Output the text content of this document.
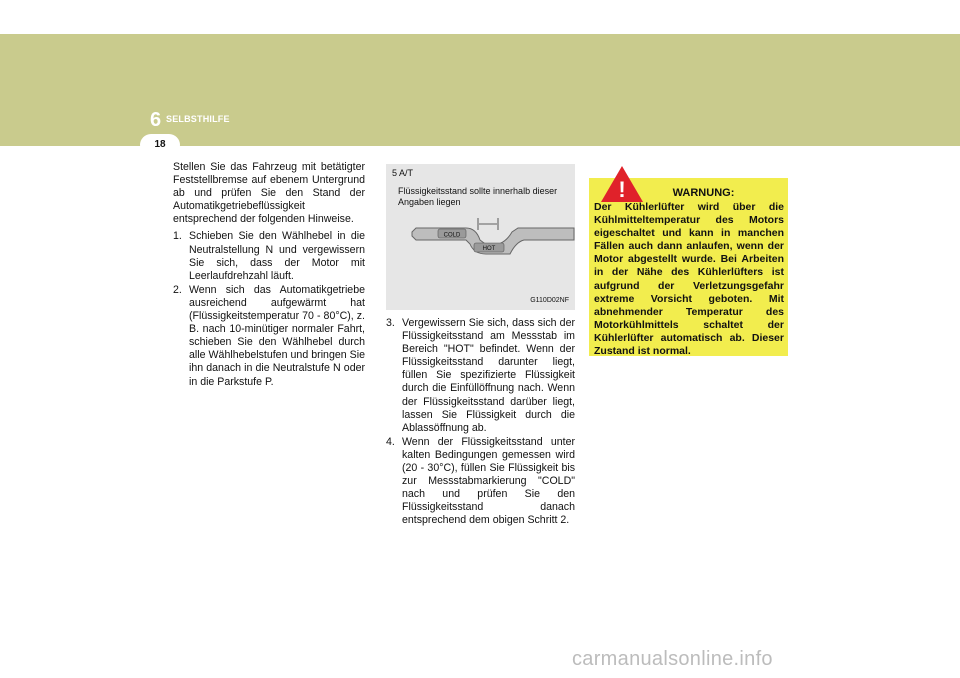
6 SELBSTHILFE
18

Stellen Sie das Fahrzeug mit betätigter Feststellbremse auf ebenem Untergrund ab und prüfen Sie den Stand der Automatikgetriebeflüssigkeit entsprechend der folgenden Hinweise.

1. Schieben Sie den Wählhebel in die Neutralstellung N und vergewissern Sie sich, dass der Motor mit Leerlaufdrehzahl läuft.
2. Wenn sich das Automatikgetriebe ausreichend aufgewärmt hat (Flüssigkeitstemperatur 70 - 80°C), z. B. nach 10-minütiger normaler Fahrt, schieben Sie den Wählhebel durch alle Wählhebelstufen und bringen Sie ihn danach in die Neutralstufe N oder in die Parkstufe P.
5 A/T
Flüssigkeitsstand sollte innerhalb dieser Angaben liegen
COLD
HOT
G110D02NF
3. Vergewissern Sie sich, dass sich der Flüssigkeitsstand am Messstab im Bereich "HOT" befindet. Wenn der Flüssigkeitsstand darunter liegt, füllen Sie spezifizierte Flüssigkeit durch die Einfüllöffnung nach. Wenn der Flüssigkeitsstand darüber liegt, lassen Sie Flüssigkeit durch die Ablassöffnung ab.
4. Wenn der Flüssigkeitsstand unter kalten Bedingungen gemessen wird (20 - 30°C), füllen Sie Flüssigkeit bis zur Messstabmarkierung "COLD" nach und prüfen Sie den Flüssigkeitsstand danach entsprechend dem obigen Schritt 2.
!	WARNUNG:
Der Kühlerlüfter wird über die Kühlmitteltemperatur des Motors eigeschaltet und kann in manchen Fällen auch dann anlaufen, wenn der Motor abgestellt wurde. Bei Arbeiten in der Nähe des Kühlerlüfters ist aufgrund der Verletzungsgefahr extreme Vorsicht geboten. Mit abnehmender Temperatur des Motorkühlmittels schaltet der Kühlerlüfter automatisch ab. Dieser Zustand ist normal.
carmanualsonline.info
